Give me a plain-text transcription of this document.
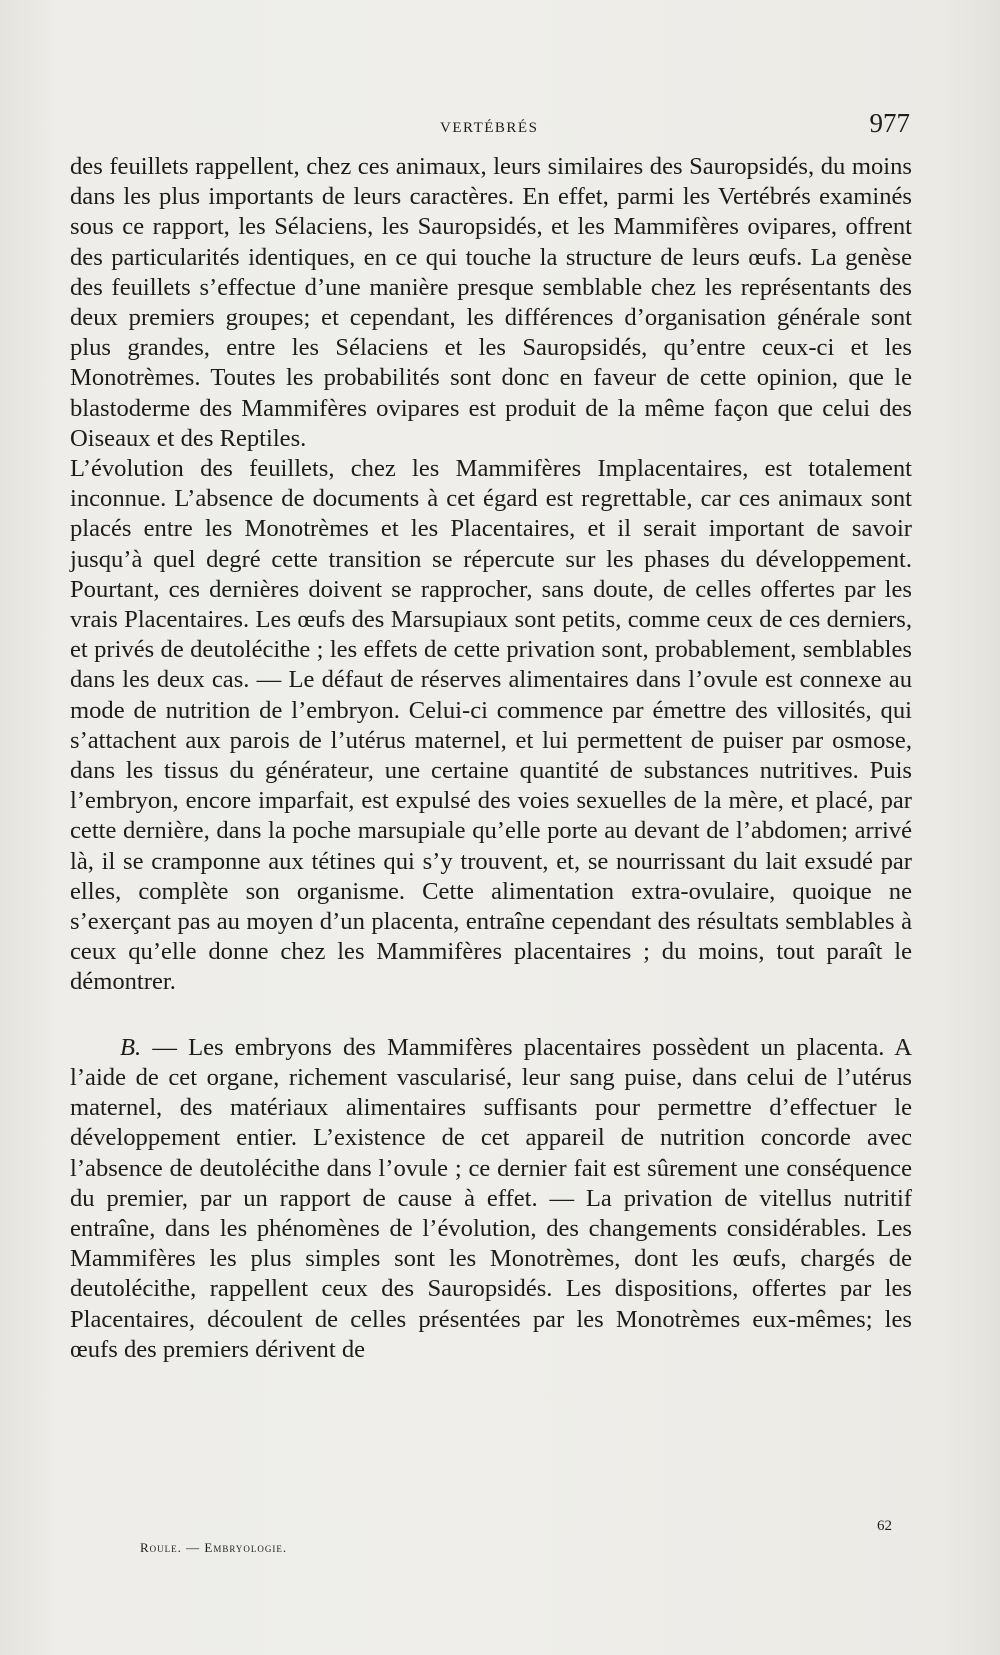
VERTÉBRÉS	977

des feuillets rappellent, chez ces animaux, leurs similaires des Sauropsidés, du moins dans les plus importants de leurs caractères. En effet, parmi les Vertébrés examinés sous ce rapport, les Sélaciens, les Sauropsidés, et les Mammifères ovipares, offrent des particularités identiques, en ce qui touche la structure de leurs œufs. La genèse des feuillets s’effectue d’une manière presque semblable chez les représentants des deux premiers groupes; et cependant, les différences d’organisation générale sont plus grandes, entre les Sélaciens et les Sauropsidés, qu’entre ceux-ci et les Monotrèmes. Toutes les probabilités sont donc en faveur de cette opinion, que le blastoderme des Mammifères ovipares est produit de la même façon que celui des Oiseaux et des Reptiles.

L’évolution des feuillets, chez les Mammifères Implacentaires, est totalement inconnue. L’absence de documents à cet égard est regrettable, car ces animaux sont placés entre les Monotrèmes et les Placentaires, et il serait important de savoir jusqu’à quel degré cette transition se répercute sur les phases du développement. Pourtant, ces dernières doivent se rapprocher, sans doute, de celles offertes par les vrais Placentaires. Les œufs des Marsupiaux sont petits, comme ceux de ces derniers, et privés de deutolécithe ; les effets de cette privation sont, probablement, semblables dans les deux cas. — Le défaut de réserves alimentaires dans l’ovule est connexe au mode de nutrition de l’embryon. Celui-ci commence par émettre des villosités, qui s’attachent aux parois de l’utérus maternel, et lui permettent de puiser par osmose, dans les tissus du générateur, une certaine quantité de substances nutritives. Puis l’embryon, encore imparfait, est expulsé des voies sexuelles de la mère, et placé, par cette dernière, dans la poche marsupiale qu’elle porte au devant de l’abdomen; arrivé là, il se cramponne aux tétines qui s’y trouvent, et, se nourrissant du lait exsudé par elles, complète son organisme. Cette alimentation extra-ovulaire, quoique ne s’exerçant pas au moyen d’un placenta, entraîne cependant des résultats semblables à ceux qu’elle donne chez les Mammifères placentaires ; du moins, tout paraît le démontrer.

B. — Les embryons des Mammifères placentaires possèdent un placenta. A l’aide de cet organe, richement vascularisé, leur sang puise, dans celui de l’utérus maternel, des matériaux alimentaires suffisants pour permettre d’effectuer le développement entier. L’existence de cet appareil de nutrition concorde avec l’absence de deutolécithe dans l’ovule ; ce dernier fait est sûrement une conséquence du premier, par un rapport de cause à effet. — La privation de vitellus nutritif entraîne, dans les phénomènes de l’évolution, des changements considérables. Les Mammifères les plus simples sont les Monotrèmes, dont les œufs, chargés de deutolécithe, rappellent ceux des Sauropsidés. Les dispositions, offertes par les Placentaires, découlent de celles présentées par les Monotrèmes eux-mêmes; les œufs des premiers dérivent de

62
Roule. — Embryologie.
